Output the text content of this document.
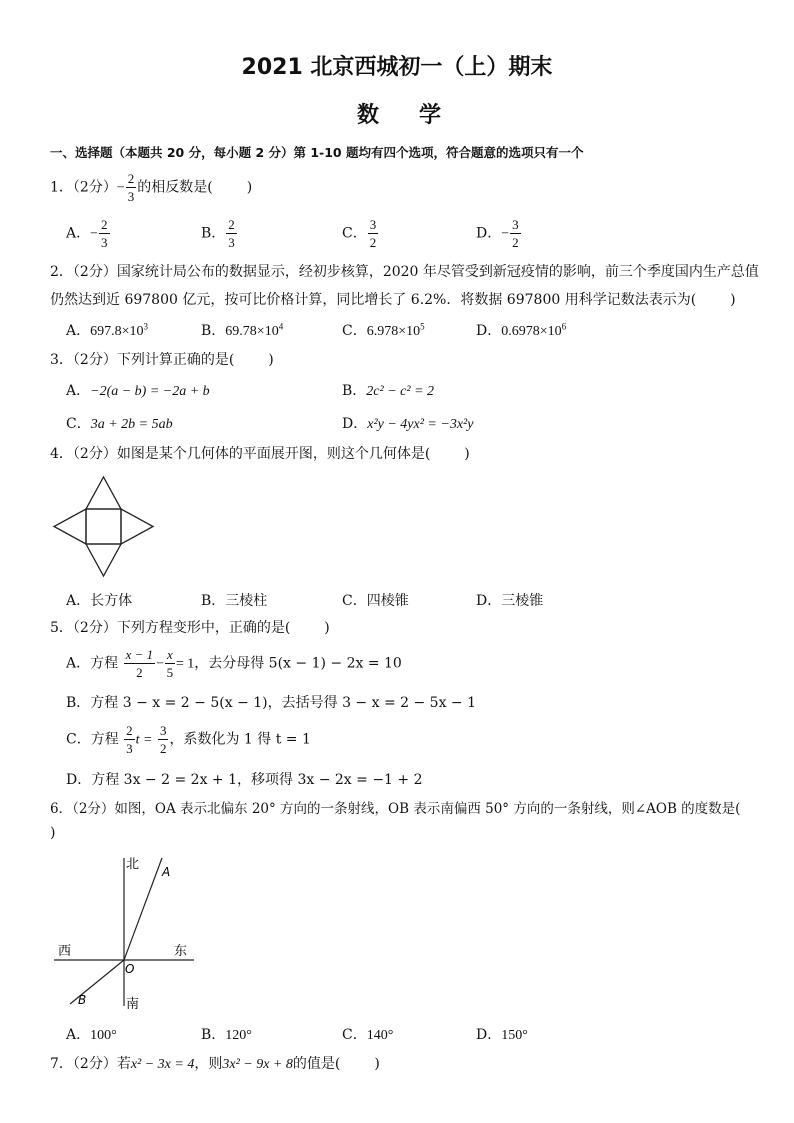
2021 北京西城初一（上）期末
数学
一、选择题（本题共 20 分，每小题 2 分）第 1-10 题均有四个选项，符合题意的选项只有一个
1．（2分）− $\frac{2}{3}$ 的相反数是( )
A．− $\frac{2}{3}$	B． $\frac{2}{3}$	C． $\frac{3}{2}$	D．− $\frac{3}{2}$
2．（2分）国家统计局公布的数据显示，经初步核算，2020 年尽管受到新冠疫情的影响，前三个季度国内生产总值
仍然达到近 697800 亿元，按可比价格计算，同比增长了 6.2%．将数据 697800 用科学记数法表示为( )
A．$697.8\times 10^3$	B．$69.78\times 10^4$	C．$6.978\times 10^5$	D．$0.6978\times 10^6$
3．（2分）下列计算正确的是( )
A．−2(a − b) = −2a + b	B．2c² − c² = 2
C．3a + 2b = 5ab	D．x²y − 4yx² = −3x²y
4．（2分）如图是某个几何体的平面展开图，则这个几何体是( )
A．长方体	B．三棱柱	C．四棱锥	D．三棱锥
5．（2分）下列方程变形中，正确的是( )
A．方程 $\frac{x - 1}{2} - \frac{x}{5} = 1$，去分母得 5(x − 1) − 2x = 10
B．方程 3 − x = 2 − 5(x − 1)，去括号得 3 − x = 2 − 5x − 1
C．方程 $\frac{2}{3}$ $t = \frac{3}{2}$ ，系数化为 1 得 t = 1
D．方程 3x − 2 = 2x + 1，移项得 3x − 2x = −1 + 2
6．（2分）如图，OA 表示北偏东 20° 方向的一条射线，OB 表示南偏西 50° 方向的一条射线，则∠AOB 的度数是(
)
北
南
西	东
A
B
O
A．100°	B．120°	C．140°	D．150°
7．（2分）若x² − 3x = 4，则3x² − 9x + 8的值是( )
